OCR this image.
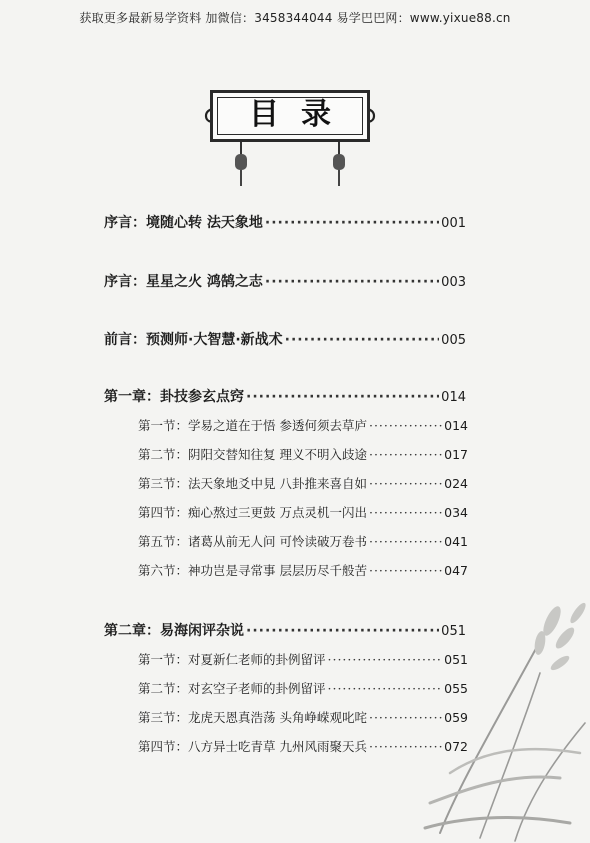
获取更多最新易学资料 加微信：3458344044 易学巴巴网：www.yixue88.cn
目录
序言：境随心转 法天象地 ·····	001
序言：星星之火 鸿鹄之志 ·····	003
前言：预测师·大智慧·新战术 ·····	005
第一章：卦技参玄点窍 ·····	014
第一节：学易之道在于悟 参透何须去草庐 ·····	014
第二节：阴阳交替知往复 理义不明入歧途 ·····	017
第三节：法天象地爻中見 八卦推来喜自如 ·····	024
第四节：痴心熬过三更鼓 万点灵机一闪出 ·····	034
第五节：诸葛从前无人问 可怜读破万卷书 ·····	041
第六节：神功岂是寻常事 层层历尽千般苦 ·····	047
第二章：易海闲评杂说 ·····	051
第一节：对夏新仁老师的卦例留评 ·····	051
第二节：对玄空子老师的卦例留评 ·····	055
第三节：龙虎天恩真浩荡 头角峥嵘观叱咤 ·····	059
第四节：八方异士吃青草 九州风雨聚天兵 ·····	072
